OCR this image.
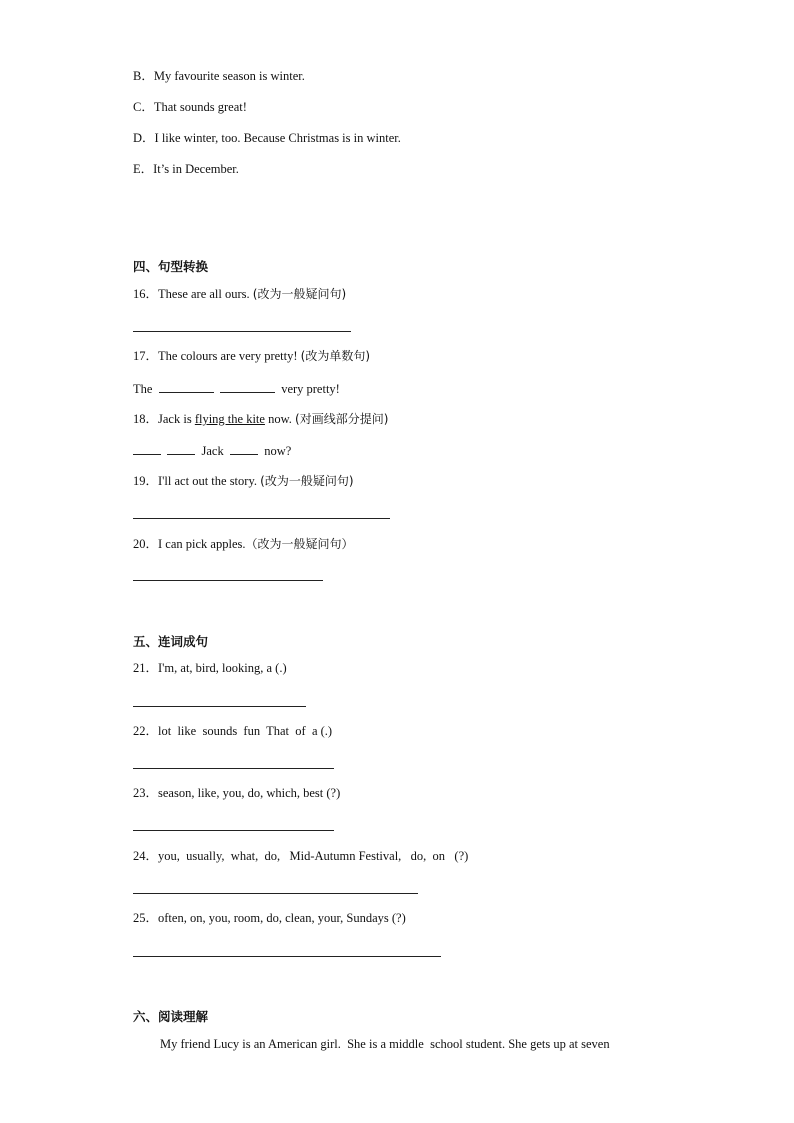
B．My favourite season is winter.
C．That sounds great!
D．I like winter, too. Because Christmas is in winter.
E．It’s in December.
四、句型转换
16．These are all ours. (改为一般疑问句)
17．The colours are very pretty! (改为单数句)
The	very pretty!
18．Jack is flying the kite now. (对画线部分提问)
Jack	now?
19．I'll act out the story. (改为一般疑问句)
20．I can pick apples.（改为一般疑问句）
五、连词成句
21．I'm, at, bird, looking, a (.)
22．lot  like  sounds  fun  That  of  a (.)
23．season, like, you, do, which, best (?)
24．you,  usually,  what,  do,   Mid-Autumn Festival,   do,  on   (?)
25．often, on, you, room, do, clean, your, Sundays (?)
六、阅读理解
My friend Lucy is an American girl.  She is a middle  school student. She gets up at seven
